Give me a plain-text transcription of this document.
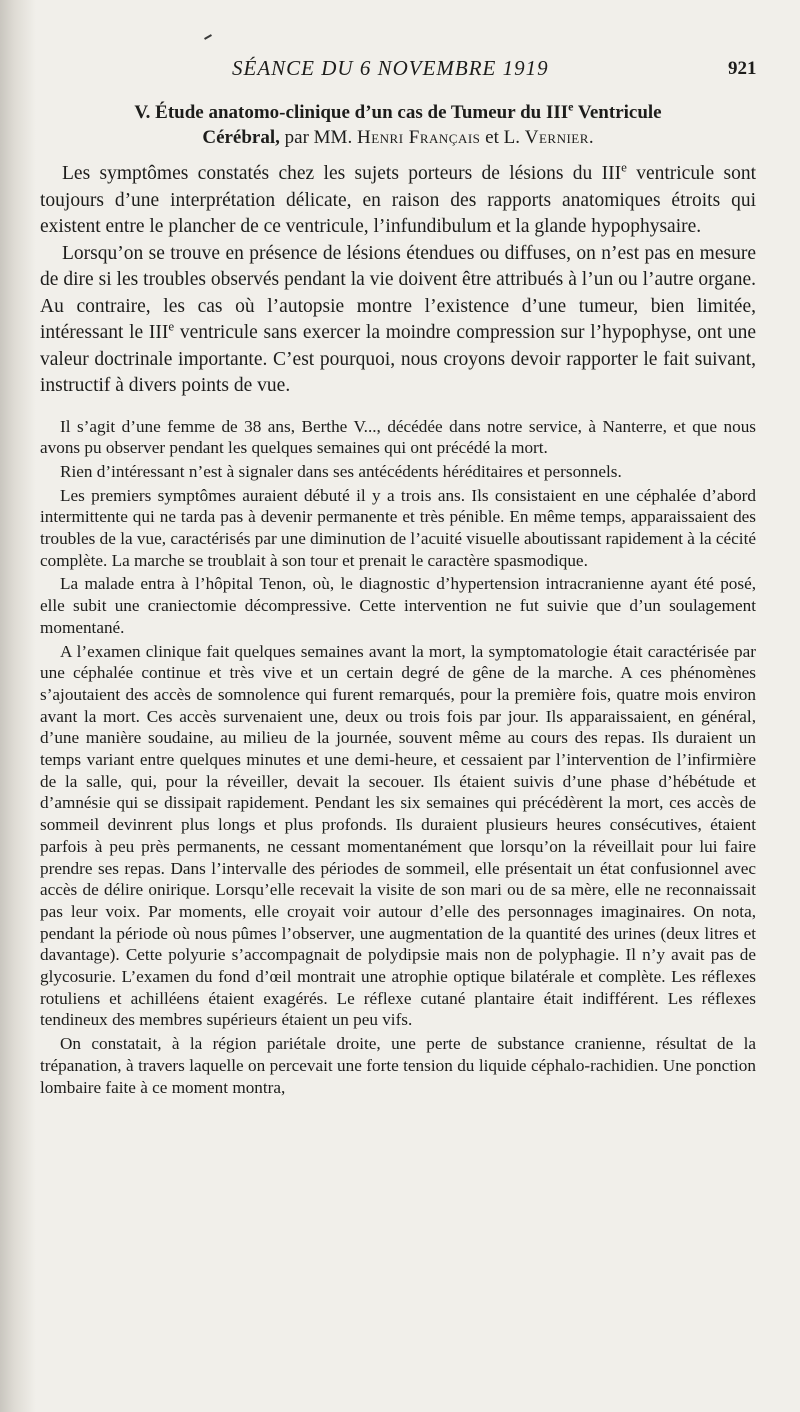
SÉANCE DU 6 NOVEMBRE 1919	921
V. Étude anatomo-clinique d’un cas de Tumeur du IIIe Ventricule
Cérébral, par MM. Henri Français et L. Vernier.

Les symptômes constatés chez les sujets porteurs de lésions du IIIe ventricule sont toujours d’une interprétation délicate, en raison des rapports anatomiques étroits qui existent entre le plancher de ce ventricule, l’infundibulum et la glande hypophysaire.

Lorsqu’on se trouve en présence de lésions étendues ou diffuses, on n’est pas en mesure de dire si les troubles observés pendant la vie doivent être attribués à l’un ou l’autre organe. Au contraire, les cas où l’autopsie montre l’existence d’une tumeur, bien limitée, intéressant le IIIe ventricule sans exercer la moindre compression sur l’hypophyse, ont une valeur doctrinale importante. C’est pourquoi, nous croyons devoir rapporter le fait suivant, instructif à divers points de vue.

Il s’agit d’une femme de 38 ans, Berthe V..., décédée dans notre service, à Nanterre, et que nous avons pu observer pendant les quelques semaines qui ont précédé la mort.

Rien d’intéressant n’est à signaler dans ses antécédents héréditaires et personnels.

Les premiers symptômes auraient débuté il y a trois ans. Ils consistaient en une céphalée d’abord intermittente qui ne tarda pas à devenir permanente et très pénible. En même temps, apparaissaient des troubles de la vue, caractérisés par une diminution de l’acuité visuelle aboutissant rapidement à la cécité complète. La marche se troublait à son tour et prenait le caractère spasmodique.

La malade entra à l’hôpital Tenon, où, le diagnostic d’hypertension intracranienne ayant été posé, elle subit une craniectomie décompressive. Cette intervention ne fut suivie que d’un soulagement momentané.

A l’examen clinique fait quelques semaines avant la mort, la symptomatologie était caractérisée par une céphalée continue et très vive et un certain degré de gêne de la marche. A ces phénomènes s’ajoutaient des accès de somnolence qui furent remarqués, pour la première fois, quatre mois environ avant la mort. Ces accès survenaient une, deux ou trois fois par jour. Ils apparaissaient, en général, d’une manière soudaine, au milieu de la journée, souvent même au cours des repas. Ils duraient un temps variant entre quelques minutes et une demi-heure, et cessaient par l’intervention de l’infirmière de la salle, qui, pour la réveiller, devait la secouer. Ils étaient suivis d’une phase d’hébétude et d’amnésie qui se dissipait rapidement. Pendant les six semaines qui précédèrent la mort, ces accès de sommeil devinrent plus longs et plus profonds. Ils duraient plusieurs heures consécutives, étaient parfois à peu près permanents, ne cessant momentanément que lorsqu’on la réveillait pour lui faire prendre ses repas. Dans l’intervalle des périodes de sommeil, elle présentait un état confusionnel avec accès de délire onirique. Lorsqu’elle recevait la visite de son mari ou de sa mère, elle ne reconnaissait pas leur voix. Par moments, elle croyait voir autour d’elle des personnages imaginaires. On nota, pendant la période où nous pûmes l’observer, une augmentation de la quantité des urines (deux litres et davantage). Cette polyurie s’accompagnait de polydipsie mais non de polyphagie. Il n’y avait pas de glycosurie. L’examen du fond d’œil montrait une atrophie optique bilatérale et complète. Les réflexes rotuliens et achilléens étaient exagérés. Le réflexe cutané plantaire était indifférent. Les réflexes tendineux des membres supérieurs étaient un peu vifs.

On constatait, à la région pariétale droite, une perte de substance cranienne, résultat de la trépanation, à travers laquelle on percevait une forte tension du liquide céphalo-rachidien. Une ponction lombaire faite à ce moment montra,
